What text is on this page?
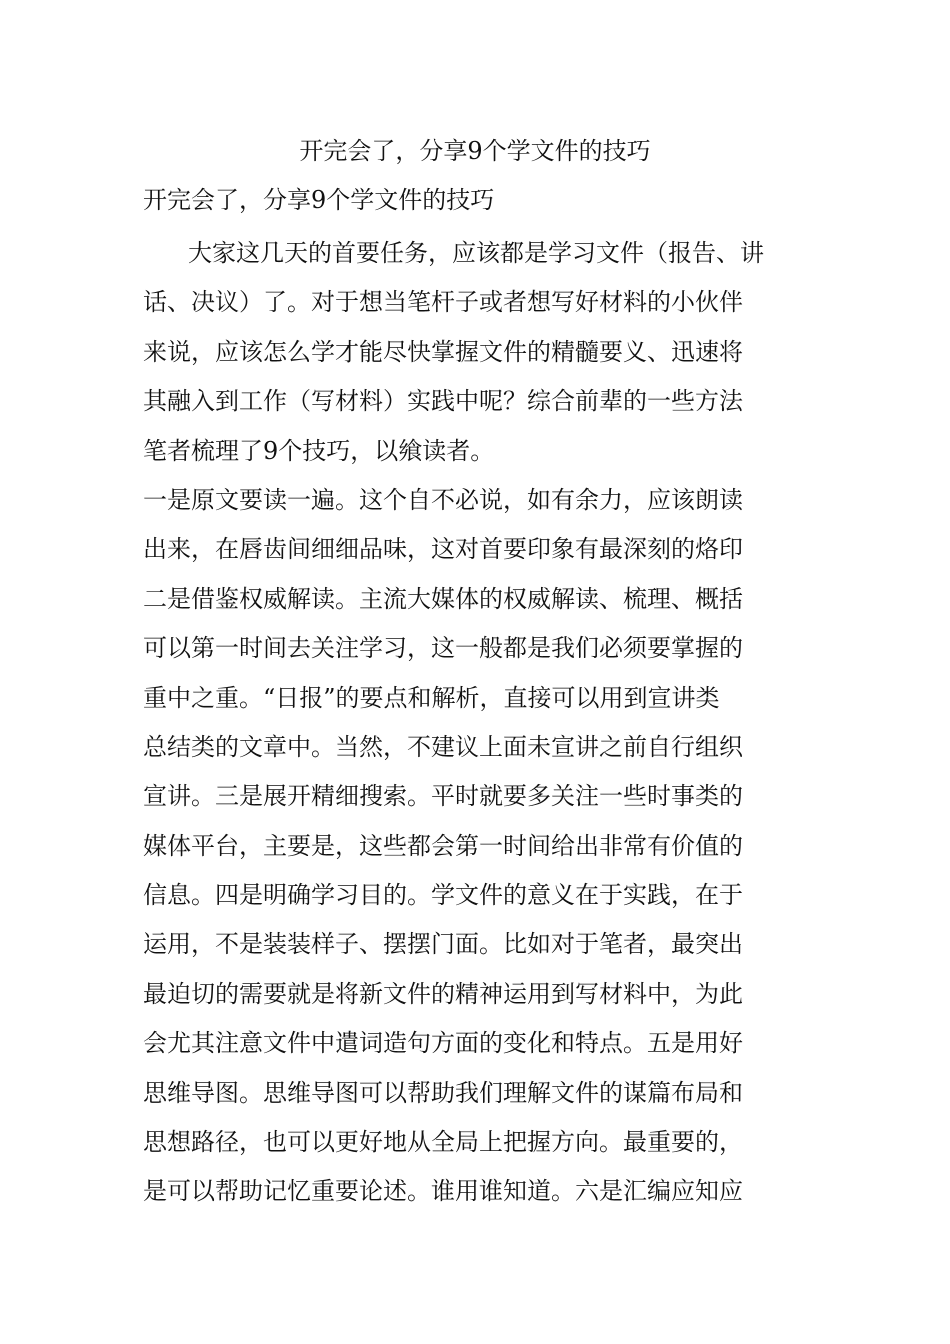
开完会了，分享9个学文件的技巧
开完会了，分享9个学文件的技巧
大家这几天的首要任务，应该都是学习文件（报告、讲
话、决议）了。对于想当笔杆子或者想写好材料的小伙伴
来说，应该怎么学才能尽快掌握文件的精髓要义、迅速将
其融入到工作（写材料）实践中呢？综合前辈的一些方法
笔者梳理了9个技巧，以飨读者。
一是原文要读一遍。这个自不必说，如有余力，应该朗读
出来，在唇齿间细细品味，这对首要印象有最深刻的烙印
二是借鉴权威解读。主流大媒体的权威解读、梳理、概括
可以第一时间去关注学习，这一般都是我们必须要掌握的
重中之重。“日报”的要点和解析，直接可以用到宣讲类
总结类的文章中。当然，不建议上面未宣讲之前自行组织
宣讲。三是展开精细搜索。平时就要多关注一些时事类的
媒体平台，主要是，这些都会第一时间给出非常有价值的
信息。四是明确学习目的。学文件的意义在于实践，在于
运用，不是装装样子、摆摆门面。比如对于笔者，最突出
最迫切的需要就是将新文件的精神运用到写材料中，为此
会尤其注意文件中遣词造句方面的变化和特点。五是用好
思维导图。思维导图可以帮助我们理解文件的谋篇布局和
思想路径，也可以更好地从全局上把握方向。最重要的，
是可以帮助记忆重要论述。谁用谁知道。六是汇编应知应
